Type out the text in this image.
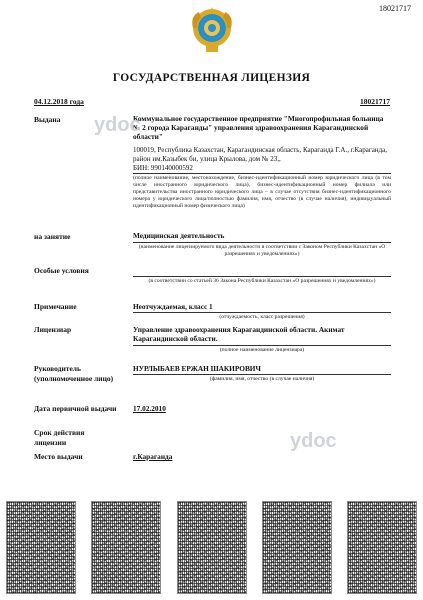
18021717
ГОСУДАРСТВЕННАЯ ЛИЦЕНЗИЯ
04.12.2018 года	18021717
Выдана	Коммунальное государственное предприятие "Многопрофильная больница № 2 города Караганды" управления здравоохранения Карагандинской области"
100019, Республика Казахстан, Карагандинская область, Караганда Г.А., г.Караганда, район им.Казыбек би, улица Крылова, дом № 23,,
БИН: 990140000592
(полное наименование, местонахождение, бизнес-идентификационный номер юридического лица (в том числе иностранного юридического лица), бизнес-идентификационный номер филиала или представительства иностранного юридического лица – в случае отсутствия бизнес-идентификационного номера у юридического лица/полностью фамилия, имя, отчество (в случае наличия), индивидуальный идентификационный номер физического лица)
на занятие	Медицинская деятельность
(наименование лицензируемого вида деятельности в соответствии с Законом Республики Казахстан «О разрешениях и уведомлениях»)
Особые условия
(в соответствии со статьей 36 Закона Республики Казахстан «О разрешениях и уведомлениях»)
Примечание	Неотчуждаемая, класс 1
(отчуждаемость, класс разрешения)
Лицензиар	Управление здравоохранения Карагандинской области. Акимат Карагандинской области.
(полное наименование лицензиара)
Руководитель (уполномоченное лицо)
НУРЛЫБАЕВ ЕРЖАН ШАКИРОВИЧ
(фамилия, имя, отчество (в случае наличия)
Дата первичной выдачи 17.02.2010
Срок действия лицензии
Место выдачи	г.Караганда
ydoc
ydoc
